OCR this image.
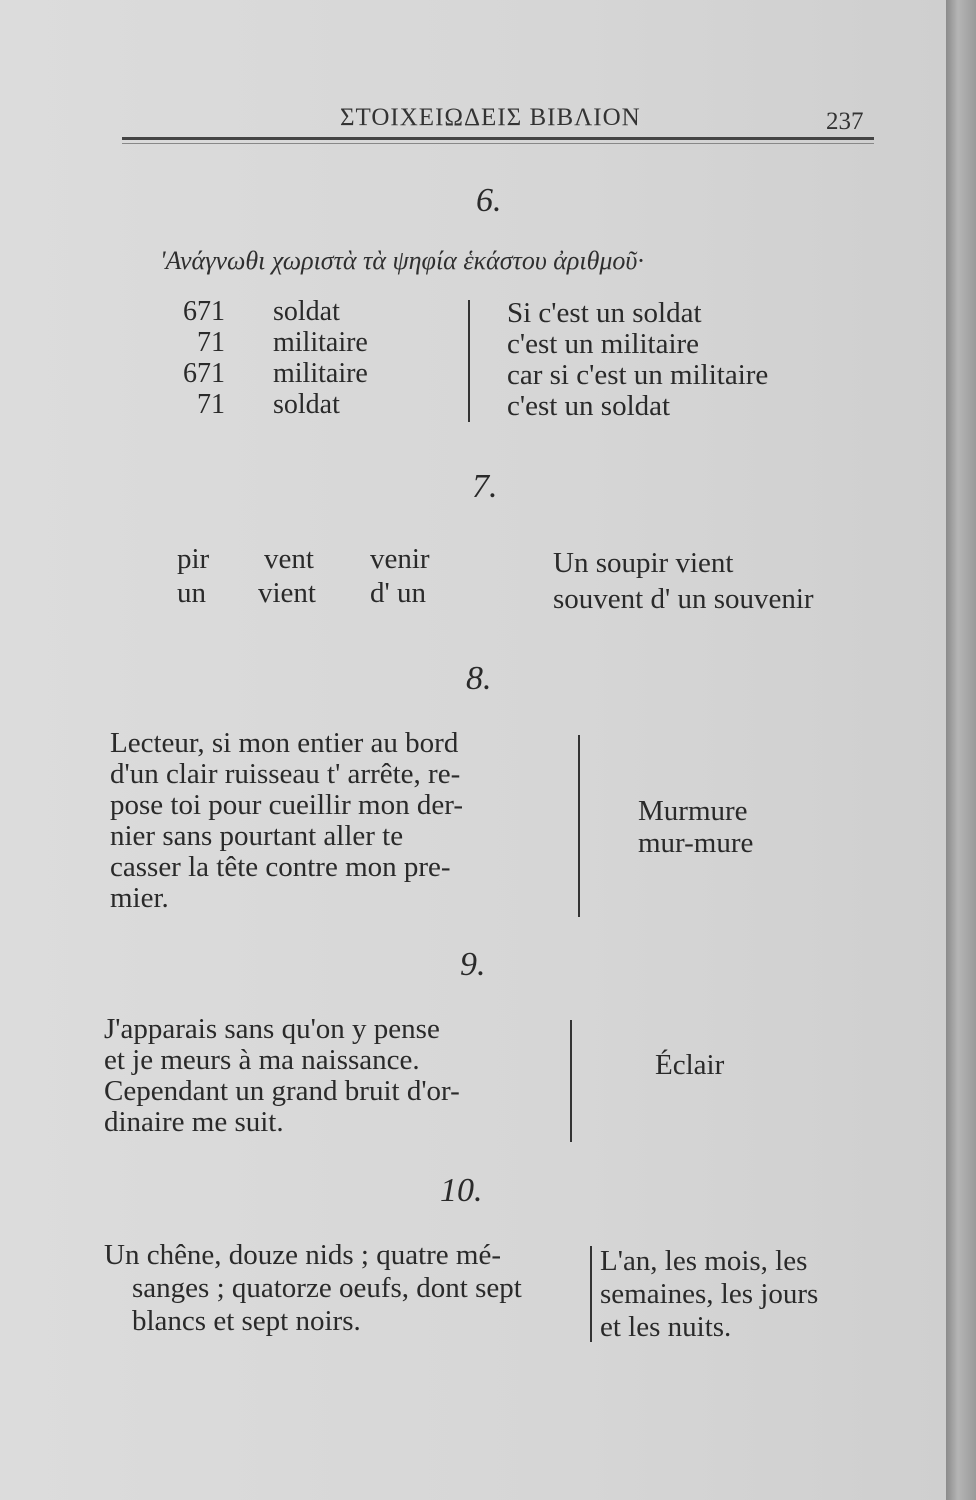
ΣΤΟΙΧΕΙΩΔΕΙΣ ΒΙΒΛΙΟΝ	237
6.
'Ανάγνωθι χωριστὰ τὰ ψηφία ἑκάστου ἀριθμοῦ·
671 soldat
71 militaire
671 militaire
71 soldat
Si c'est un soldat
c'est un militaire
car si c'est un militaire
c'est un soldat
7.
pir vent venir
un vient d' un
Un soupir vient
souvent d' un souvenir
8.
Lecteur, si mon entier au bord
d'un clair ruisseau t' arrête, re-
pose toi pour cueillir mon der-
nier sans pourtant aller te
casser la tête contre mon pre-
mier.
Murmure
mur-mure
9.
J'apparais sans qu'on y pense
et je meurs à ma naissance.
Cependant un grand bruit d'or-
dinaire me suit.
Éclair
10.
Un chêne, douze nids ; quatre mé-
sanges ; quatorze oeufs, dont sept
blancs et sept noirs.
L'an, les mois, les
semaines, les jours
et les nuits.
